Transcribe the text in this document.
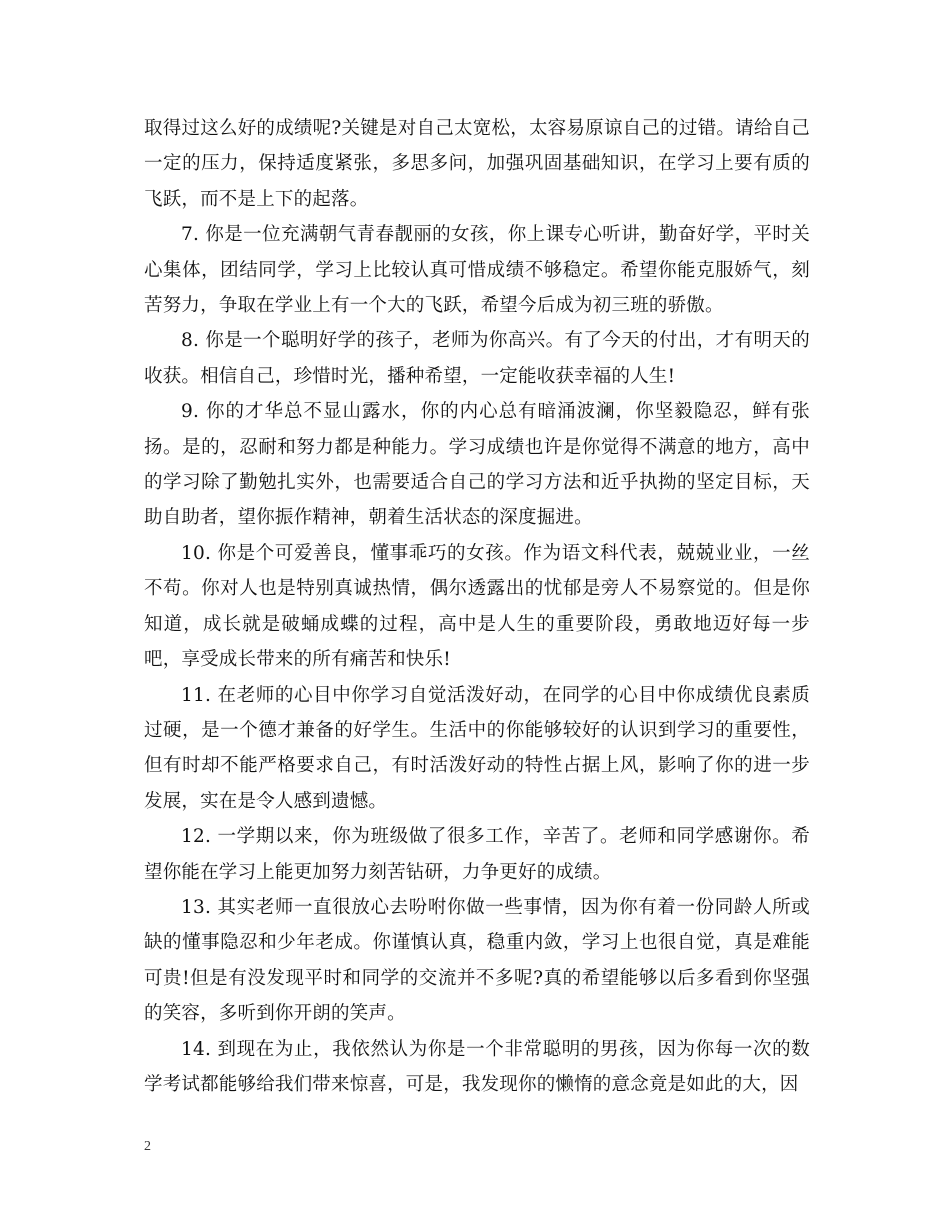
取得过这么好的成绩呢?关键是对自己太宽松，太容易原谅自己的过错。请给自己一定的压力，保持适度紧张，多思多问，加强巩固基础知识，在学习上要有质的飞跃，而不是上下的起落。

7. 你是一位充满朝气青春靓丽的女孩，你上课专心听讲，勤奋好学，平时关心集体，团结同学，学习上比较认真可惜成绩不够稳定。希望你能克服娇气，刻苦努力，争取在学业上有一个大的飞跃，希望今后成为初三班的骄傲。

8. 你是一个聪明好学的孩子，老师为你高兴。有了今天的付出，才有明天的收获。相信自己，珍惜时光，播种希望，一定能收获幸福的人生!

9. 你的才华总不显山露水，你的内心总有暗涌波澜，你坚毅隐忍，鲜有张扬。是的，忍耐和努力都是种能力。学习成绩也许是你觉得不满意的地方，高中的学习除了勤勉扎实外，也需要适合自己的学习方法和近乎执拗的坚定目标，天助自助者，望你振作精神，朝着生活状态的深度掘进。

10. 你是个可爱善良，懂事乖巧的女孩。作为语文科代表，兢兢业业，一丝不苟。你对人也是特别真诚热情，偶尔透露出的忧郁是旁人不易察觉的。但是你知道，成长就是破蛹成蝶的过程，高中是人生的重要阶段，勇敢地迈好每一步吧，享受成长带来的所有痛苦和快乐!

11. 在老师的心目中你学习自觉活泼好动，在同学的心目中你成绩优良素质过硬，是一个德才兼备的好学生。生活中的你能够较好的认识到学习的重要性，但有时却不能严格要求自己，有时活泼好动的特性占据上风，影响了你的进一步发展，实在是令人感到遗憾。

12. 一学期以来，你为班级做了很多工作，辛苦了。老师和同学感谢你。希望你能在学习上能更加努力刻苦钻研，力争更好的成绩。

13. 其实老师一直很放心去吩咐你做一些事情，因为你有着一份同龄人所或缺的懂事隐忍和少年老成。你谨慎认真，稳重内敛，学习上也很自觉，真是难能可贵!但是有没发现平时和同学的交流并不多呢?真的希望能够以后多看到你坚强的笑容，多听到你开朗的笑声。

14. 到现在为止，我依然认为你是一个非常聪明的男孩，因为你每一次的数学考试都能够给我们带来惊喜，可是，我发现你的懒惰的意念竟是如此的大，因

2
